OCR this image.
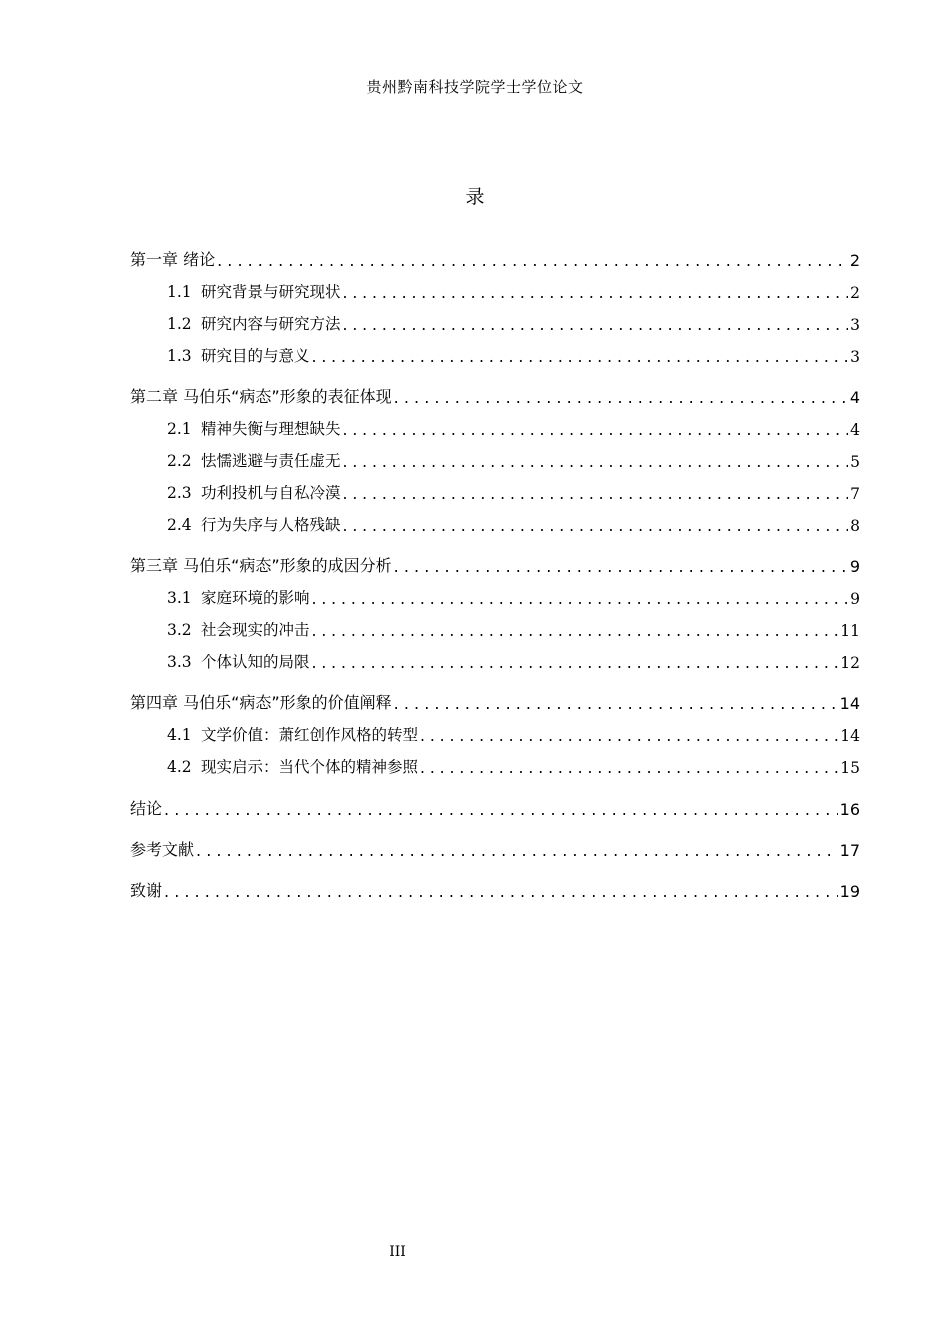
贵州黔南科技学院学士学位论文
录
第一章 绪论 . . .	2
1.1 研究背景与研究现状 . . .	2
1.2 研究内容与研究方法 . . .	3
1.3 研究目的与意义 . . .	3
第二章 马伯乐“病态”形象的表征体现 . . .	4
2.1 精神失衡与理想缺失 . . .	4
2.2 怯懦逃避与责任虚无 . . .	5
2.3 功利投机与自私冷漠 . . .	7
2.4 行为失序与人格残缺 . . .	8
第三章 马伯乐“病态”形象的成因分析 . . .	9
3.1 家庭环境的影响 . . .	9
3.2 社会现实的冲击 . . .	11
3.3 个体认知的局限 . . .	12
第四章 马伯乐“病态”形象的价值阐释 . . .	14
4.1 文学价值：萧红创作风格的转型 . . .	14
4.2 现实启示：当代个体的精神参照 . . .	15
结论 . . .	16
参考文献 . . .	17
致谢 . . .	19
III
